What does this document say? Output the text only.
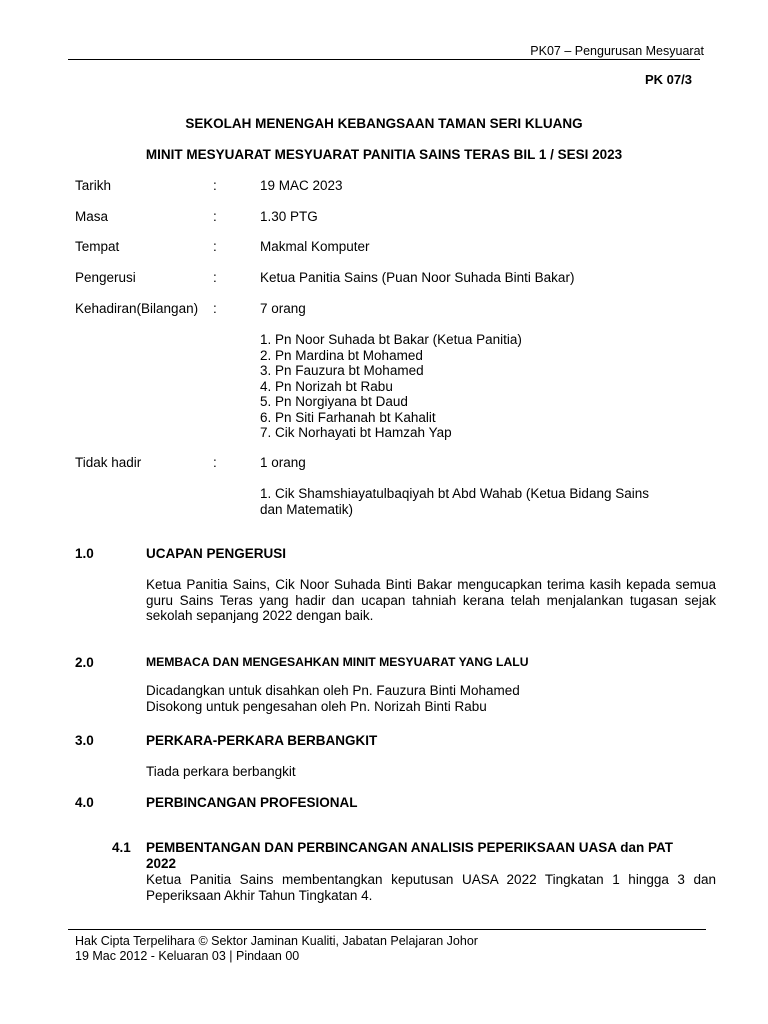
PK07 – Pengurusan Mesyuarat
PK 07/3
SEKOLAH MENENGAH KEBANGSAAN TAMAN SERI KLUANG
MINIT MESYUARAT MESYUARAT PANITIA SAINS TERAS BIL 1 / SESI 2023
Tarikh	:	19 MAC 2023
Masa	:	1.30 PTG
Tempat	:	Makmal Komputer
Pengerusi	:	Ketua Panitia Sains (Puan Noor Suhada Binti Bakar)
Kehadiran(Bilangan) :	7 orang
1. Pn Noor Suhada bt Bakar (Ketua Panitia)
2. Pn Mardina bt Mohamed
3. Pn Fauzura bt Mohamed
4. Pn Norizah bt Rabu
5. Pn Norgiyana bt Daud
6. Pn Siti Farhanah bt Kahalit
7. Cik Norhayati bt Hamzah Yap
Tidak hadir	:	1 orang
1. Cik Shamshiayatulbaqiyah bt Abd Wahab (Ketua Bidang Sains
dan Matematik)
1.0	UCAPAN PENGERUSI
Ketua Panitia Sains, Cik Noor Suhada Binti Bakar mengucapkan terima kasih kepada semua guru Sains Teras yang hadir dan ucapan tahniah kerana telah menjalankan tugasan sejak sekolah sepanjang 2022 dengan baik.
2.0	MEMBACA DAN MENGESAHKAN MINIT MESYUARAT YANG LALU
Dicadangkan untuk disahkan oleh Pn. Fauzura Binti Mohamed
Disokong untuk pengesahan oleh Pn. Norizah Binti Rabu
3.0	PERKARA-PERKARA BERBANGKIT
Tiada perkara berbangkit
4.0	PERBINCANGAN PROFESIONAL
4.1 PEMBENTANGAN DAN PERBINCANGAN ANALISIS PEPERIKSAAN UASA dan PAT
2022
Ketua Panitia Sains membentangkan keputusan UASA 2022 Tingkatan 1 hingga 3 dan Peperiksaan Akhir Tahun Tingkatan 4.
Hak Cipta Terpelihara © Sektor Jaminan Kualiti, Jabatan Pelajaran Johor
19 Mac 2012 - Keluaran 03 | Pindaan 00
